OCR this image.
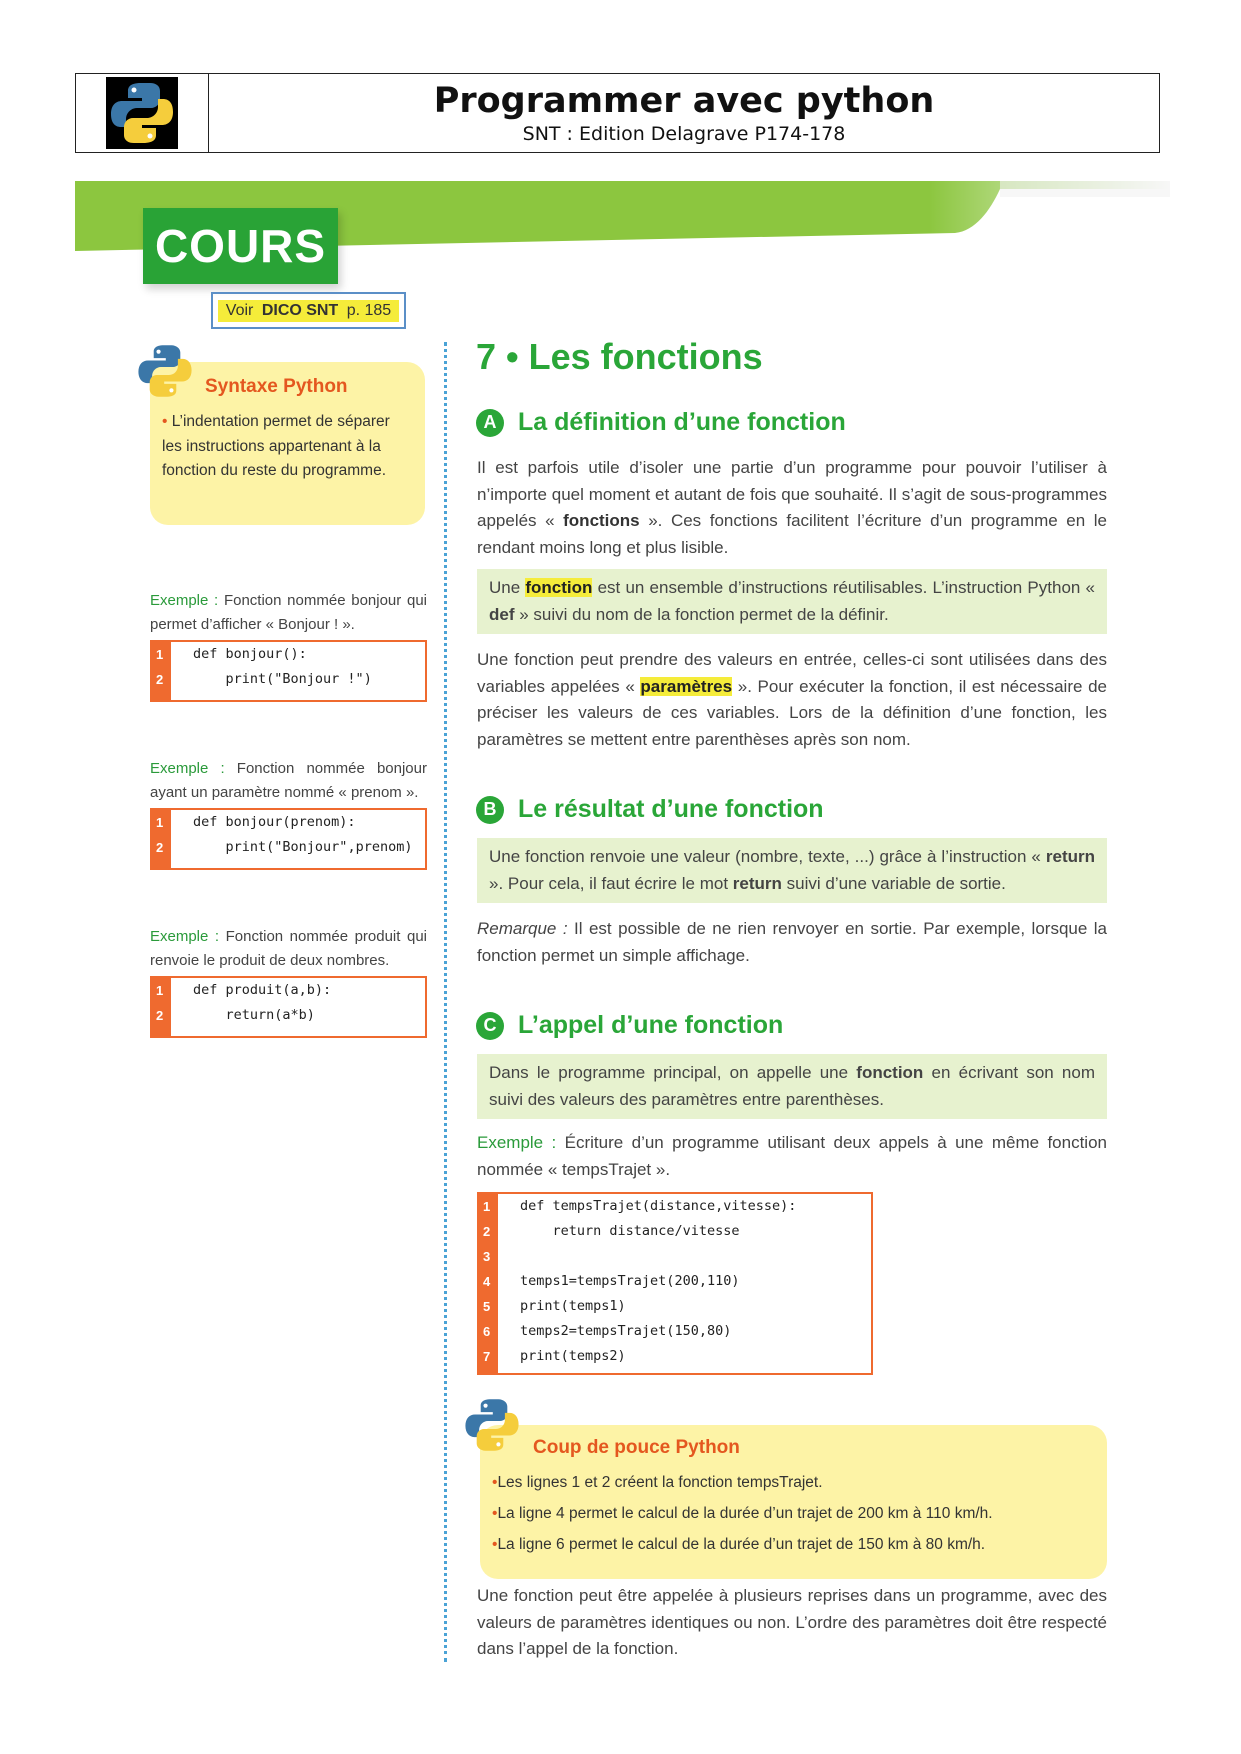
Programmer avec python
SNT : Edition Delagrave P174-178
COURS
Voir DICO SNT p. 185
Syntaxe Python
• L’indentation permet de séparer les instructions appartenant à la fonction du reste du programme.
Exemple : Fonction nommée bonjour qui permet d’afficher « Bonjour ! ».
1
2
def bonjour():
print("Bonjour !")
Exemple : Fonction nommée bonjour ayant un paramètre nommé « prenom ».
1
2
def bonjour(prenom):
print("Bonjour",prenom)
Exemple : Fonction nommée produit qui renvoie le produit de deux nombres.
1
2
def produit(a,b):
return(a*b)
7 • Les fonctions
A La définition d’une fonction
Il est parfois utile d’isoler une partie d’un programme pour pouvoir l’utiliser à n’importe quel moment et autant de fois que souhaité. Il s’agit de sous-programmes appelés « fonctions ». Ces fonctions facilitent l’écriture d’un programme en le rendant moins long et plus lisible.
Une fonction est un ensemble d’instructions réutilisables. L’instruction Python « def » suivi du nom de la fonction permet de la définir.
Une fonction peut prendre des valeurs en entrée, celles-ci sont utilisées dans des variables appelées « paramètres ». Pour exécuter la fonction, il est nécessaire de préciser les valeurs de ces variables. Lors de la définition d’une fonction, les paramètres se mettent entre parenthèses après son nom.
B Le résultat d’une fonction
Une fonction renvoie une valeur (nombre, texte, ...) grâce à l’instruction « return ». Pour cela, il faut écrire le mot return suivi d’une variable de sortie.
Remarque : Il est possible de ne rien renvoyer en sortie. Par exemple, lorsque la fonction permet un simple affichage.
C L’appel d’une fonction
Dans le programme principal, on appelle une fonction en écrivant son nom suivi des valeurs des paramètres entre parenthèses.
Exemple : Écriture d’un programme utilisant deux appels à une même fonction nommée « tempsTrajet ».
1
2
3
4
5
6
7
def tempsTrajet(distance,vitesse):
return distance/vitesse
temps1=tempsTrajet(200,110)
print(temps1)
temps2=tempsTrajet(150,80)
print(temps2)
Coup de pouce Python
•Les lignes 1 et 2 créent la fonction tempsTrajet.
•La ligne 4 permet le calcul de la durée d’un trajet de 200 km à 110 km/h.
•La ligne 6 permet le calcul de la durée d’un trajet de 150 km à 80 km/h.
Une fonction peut être appelée à plusieurs reprises dans un programme, avec des valeurs de paramètres identiques ou non. L’ordre des paramètres doit être respecté dans l’appel de la fonction.
